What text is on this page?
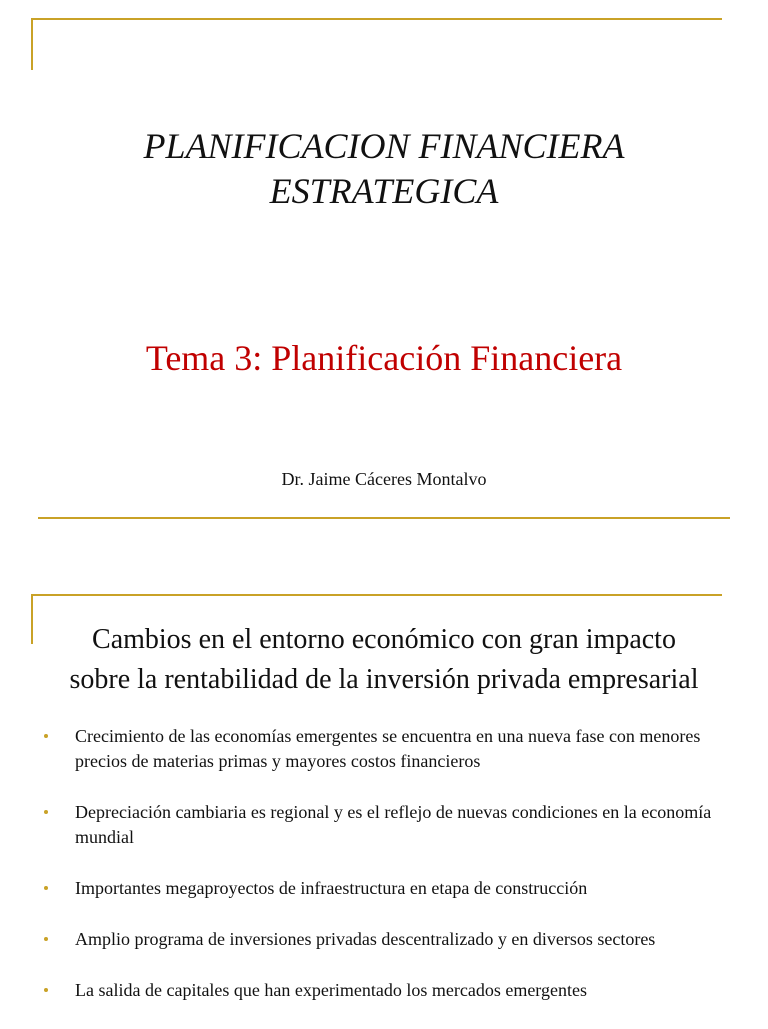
PLANIFICACION FINANCIERA
ESTRATEGICA
Tema 3: Planificación Financiera
Dr. Jaime Cáceres Montalvo
Cambios en el entorno económico con gran impacto
sobre la rentabilidad de la inversión privada empresarial
Crecimiento de las economías emergentes se encuentra en una nueva fase con menores precios de materias primas y mayores costos financieros
Depreciación cambiaria es regional y es el reflejo de nuevas condiciones en la economía mundial
Importantes megaproyectos de infraestructura en etapa de construcción
Amplio programa de inversiones privadas descentralizado y en diversos sectores
La salida de capitales que han experimentado los mercados emergentes
